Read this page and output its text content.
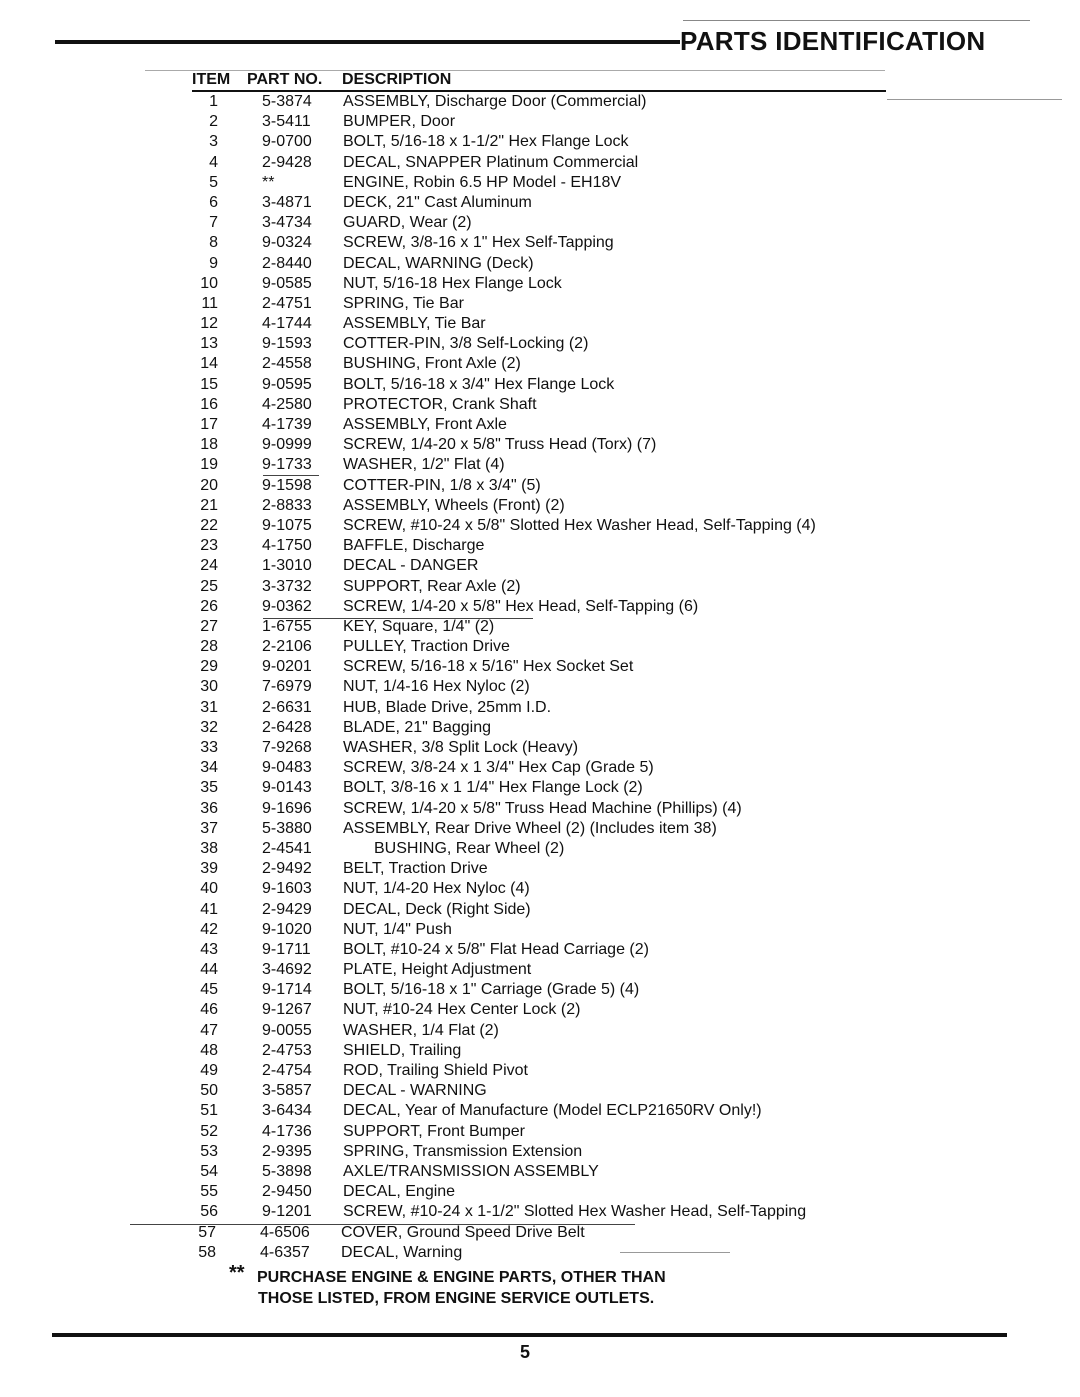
PARTS IDENTIFICATION
ITEM PART NO. DESCRIPTION
1	5-3874 ASSEMBLY, Discharge Door (Commercial)
2	3-5411 BUMPER, Door
3	9-0700 BOLT, 5/16-18 x 1-1/2" Hex Flange Lock
4	2-9428 DECAL, SNAPPER Platinum Commercial
5	**	ENGINE, Robin 6.5 HP Model - EH18V
6	3-4871 DECK, 21" Cast Aluminum
7	3-4734 GUARD, Wear (2)
8	9-0324 SCREW, 3/8-16 x 1" Hex Self-Tapping
9	2-8440 DECAL, WARNING (Deck)
10	9-0585 NUT, 5/16-18 Hex Flange Lock
11	2-4751 SPRING, Tie Bar
12	4-1744 ASSEMBLY, Tie Bar
13	9-1593 COTTER-PIN, 3/8 Self-Locking (2)
14	2-4558 BUSHING, Front Axle (2)
15	9-0595 BOLT, 5/16-18 x 3/4" Hex Flange Lock
16	4-2580 PROTECTOR, Crank Shaft
17	4-1739 ASSEMBLY, Front Axle
18	9-0999 SCREW, 1/4-20 x 5/8" Truss Head (Torx) (7)
19	9-1733 WASHER, 1/2" Flat (4)
20	9-1598 COTTER-PIN, 1/8 x 3/4" (5)
21	2-8833 ASSEMBLY, Wheels (Front) (2)
22	9-1075 SCREW, #10-24 x 5/8" Slotted Hex Washer Head, Self-Tapping (4)
23	4-1750 BAFFLE, Discharge
24	1-3010 DECAL - DANGER
25	3-3732 SUPPORT, Rear Axle (2)
26	9-0362 SCREW, 1/4-20 x 5/8" Hex Head, Self-Tapping (6)
27	1-6755 KEY, Square, 1/4" (2)
28	2-2106 PULLEY, Traction Drive
29	9-0201 SCREW, 5/16-18 x 5/16" Hex Socket Set
30	7-6979 NUT, 1/4-16 Hex Nyloc (2)
31	2-6631 HUB, Blade Drive, 25mm I.D.
32	2-6428 BLADE, 21" Bagging
33	7-9268 WASHER, 3/8 Split Lock (Heavy)
34	9-0483 SCREW, 3/8-24 x 1 3/4" Hex Cap (Grade 5)
35	9-0143 BOLT, 3/8-16 x 1 1/4" Hex Flange Lock (2)
36	9-1696 SCREW, 1/4-20 x 5/8" Truss Head Machine (Phillips) (4)
37	5-3880 ASSEMBLY, Rear Drive Wheel (2) (Includes item 38)
38	2-4541	BUSHING, Rear Wheel (2)
39	2-9492 BELT, Traction Drive
40	9-1603 NUT, 1/4-20 Hex Nyloc (4)
41	2-9429 DECAL, Deck (Right Side)
42	9-1020 NUT, 1/4" Push
43	9-1711 BOLT, #10-24 x 5/8" Flat Head Carriage (2)
44	3-4692 PLATE, Height Adjustment
45	9-1714 BOLT, 5/16-18 x 1" Carriage (Grade 5) (4)
46	9-1267 NUT, #10-24 Hex Center Lock (2)
47	9-0055 WASHER, 1/4 Flat (2)
48	2-4753 SHIELD, Trailing
49	2-4754 ROD, Trailing Shield Pivot
50	3-5857 DECAL - WARNING
51	3-6434 DECAL, Year of Manufacture (Model ECLP21650RV Only!)
52	4-1736 SUPPORT, Front Bumper
53	2-9395 SPRING, Transmission Extension
54	5-3898 AXLE/TRANSMISSION ASSEMBLY
55	2-9450 DECAL, Engine
56	9-1201 SCREW, #10-24 x 1-1/2" Slotted Hex Washer Head, Self-Tapping
57	4-6506 COVER, Ground Speed Drive Belt
58	4-6357 DECAL, Warning
** PURCHASE ENGINE & ENGINE PARTS, OTHER THAN
THOSE LISTED, FROM ENGINE SERVICE OUTLETS.
5
